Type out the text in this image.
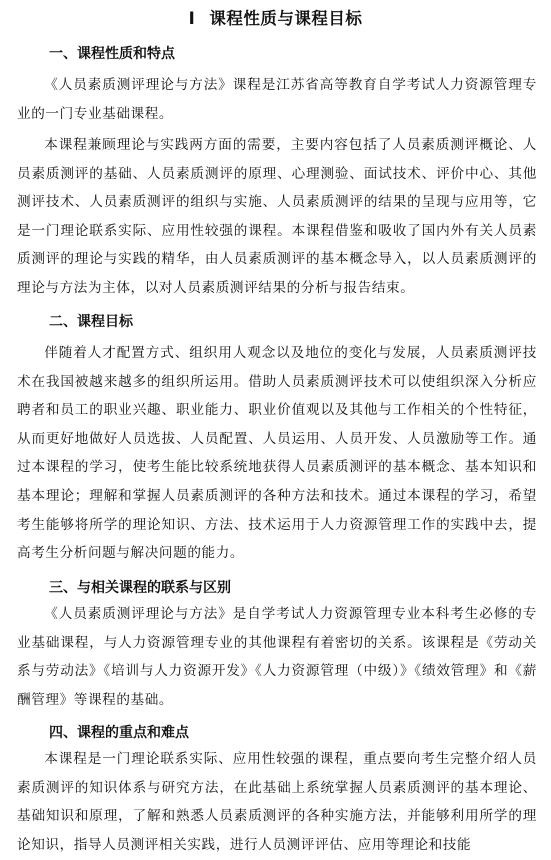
Ⅰ 课程性质与课程目标
一、课程性质和特点

《人员素质测评理论与方法》课程是江苏省高等教育自学考试人力资源管理专业的一门专业基础课程。

本课程兼顾理论与实践两方面的需要，主要内容包括了人员素质测评概论、人员素质测评的基础、人员素质测评的原理、心理测验、面试技术、评价中心、其他测评技术、人员素质测评的组织与实施、人员素质测评的结果的呈现与应用等，它是一门理论联系实际、应用性较强的课程。本课程借鉴和吸收了国内外有关人员素质测评的理论与实践的精华，由人员素质测评的基本概念导入，以人员素质测评的理论与方法为主体，以对人员素质测评结果的分析与报告结束。

二、课程目标

伴随着人才配置方式、组织用人观念以及地位的变化与发展，人员素质测评技术在我国被越来越多的组织所运用。借助人员素质测评技术可以使组织深入分析应聘者和员工的职业兴趣、职业能力、职业价值观以及其他与工作相关的个性特征，从而更好地做好人员选拔、人员配置、人员运用、人员开发、人员激励等工作。通过本课程的学习，使考生能比较系统地获得人员素质测评的基本概念、基本知识和基本理论；理解和掌握人员素质测评的各种方法和技术。通过本课程的学习，希望考生能够将所学的理论知识、方法、技术运用于人力资源管理工作的实践中去，提高考生分析问题与解决问题的能力。

三、与相关课程的联系与区别

《人员素质测评理论与方法》是自学考试人力资源管理专业本科考生必修的专业基础课程，与人力资源管理专业的其他课程有着密切的关系。该课程是《劳动关系与劳动法》《培训与人力资源开发》《人力资源管理（中级）》《绩效管理》和《薪酬管理》等课程的基础。

四、课程的重点和难点

本课程是一门理论联系实际、应用性较强的课程，重点要向考生完整介绍人员素质测评的知识体系与研究方法，在此基础上系统掌握人员素质测评的基本理论、基础知识和原理，了解和熟悉人员素质测评的各种实施方法，并能够利用所学的理论知识，指导人员测评相关实践，进行人员测评评估、应用等理论和技能
